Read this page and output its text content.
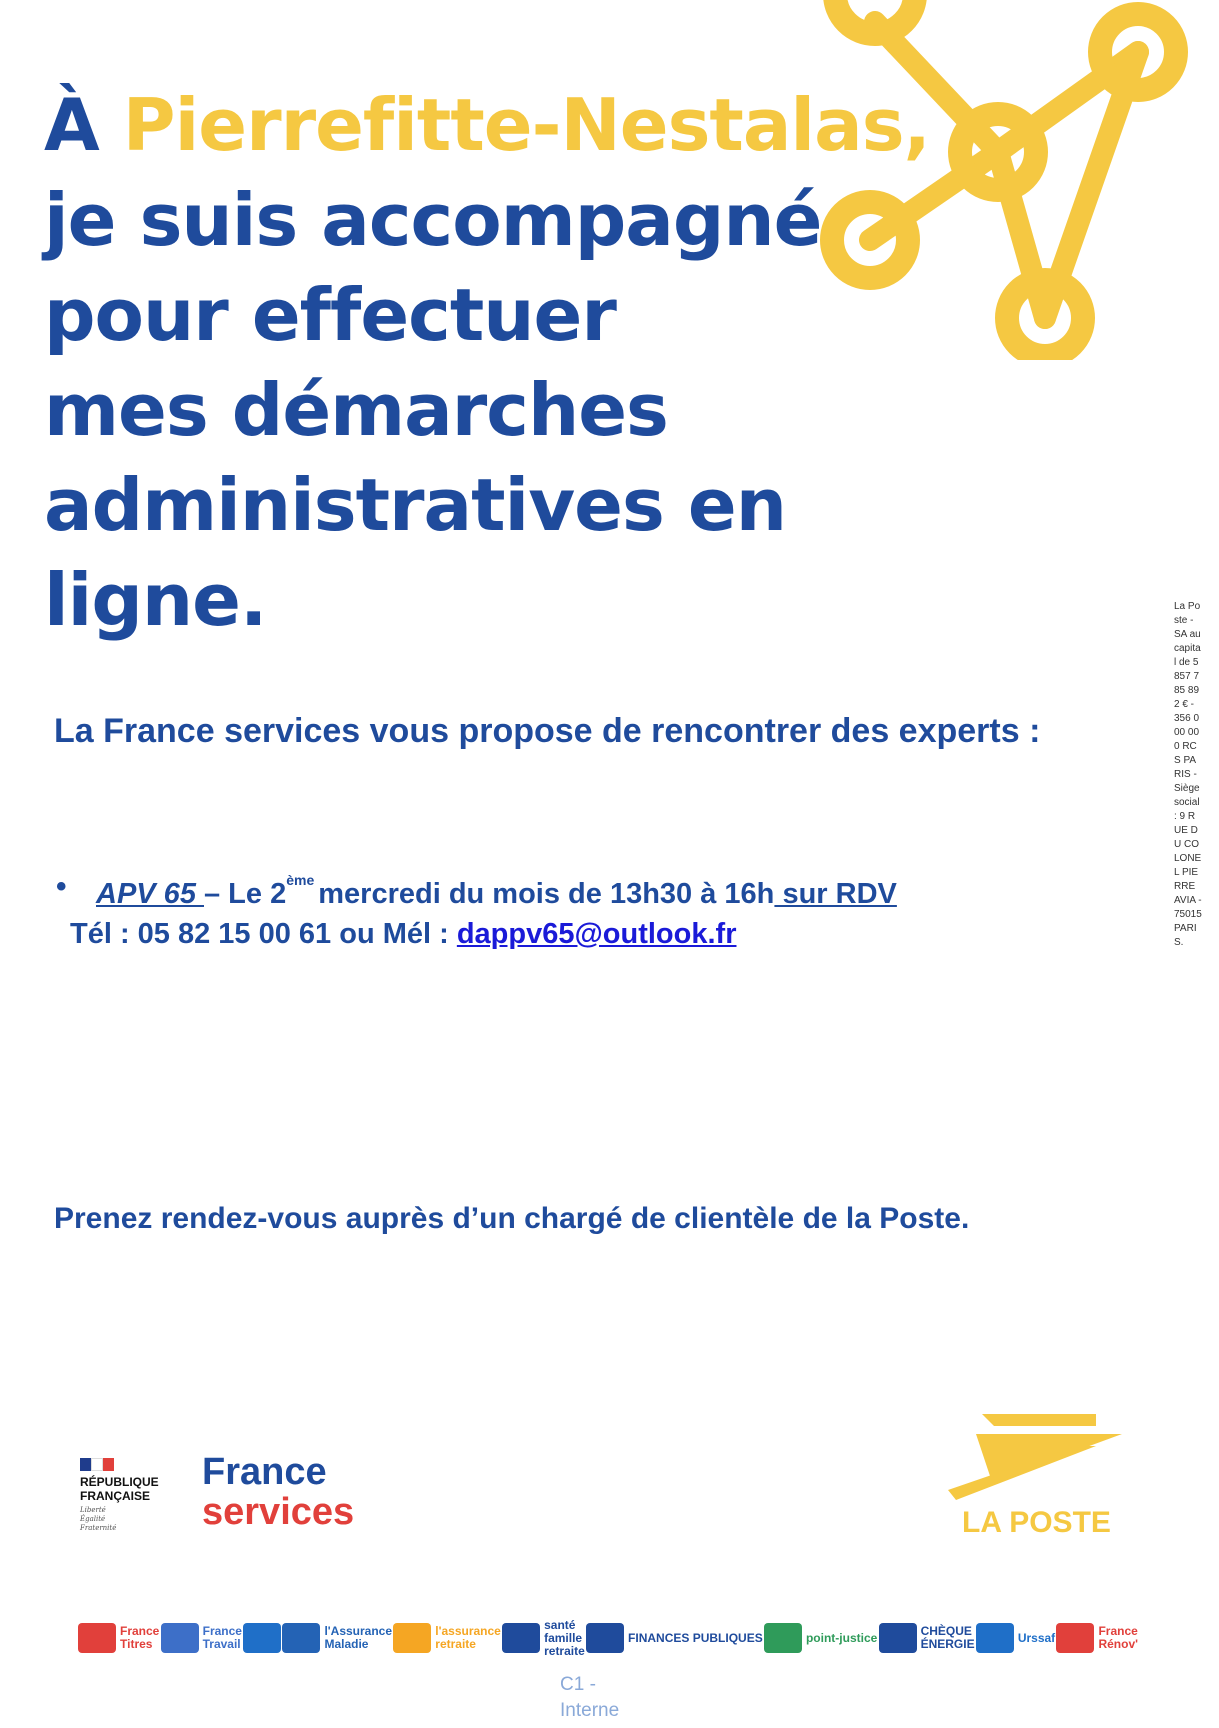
À Pierrefitte-Nestalas,
je suis accompagné
pour effectuer
mes démarches
administratives en
ligne.

La France services vous propose de rencontrer des experts :

• APV 65 – Le 2ème mercredi du mois de 13h30 à 16h sur RDV
Tél : 05 82 15 00 61 ou Mél : dappv65@outlook.fr

Prenez rendez-vous auprès d’un chargé de clientèle de la Poste.

La Poste - SA au capital de 5 857 785 892 € - 356 000 000 RCS PARIS - Siège social : 9 RUE DU COLONEL PIERRE AVIA - 75015 PARIS.
RÉPUBLIQUE
FRANÇAISE
Liberté
Égalité
Fraternité
France
services	LA POSTE
France
Titres
France
Travail
l'Assurance
Maladie
l'assurance
retraite
santé
famille
retraite
FINANCES PUBLIQUES	point-justice	CHÈQUE
ÉNERGIE	Urssaf	France
Rénov'
C1 -
Interne
